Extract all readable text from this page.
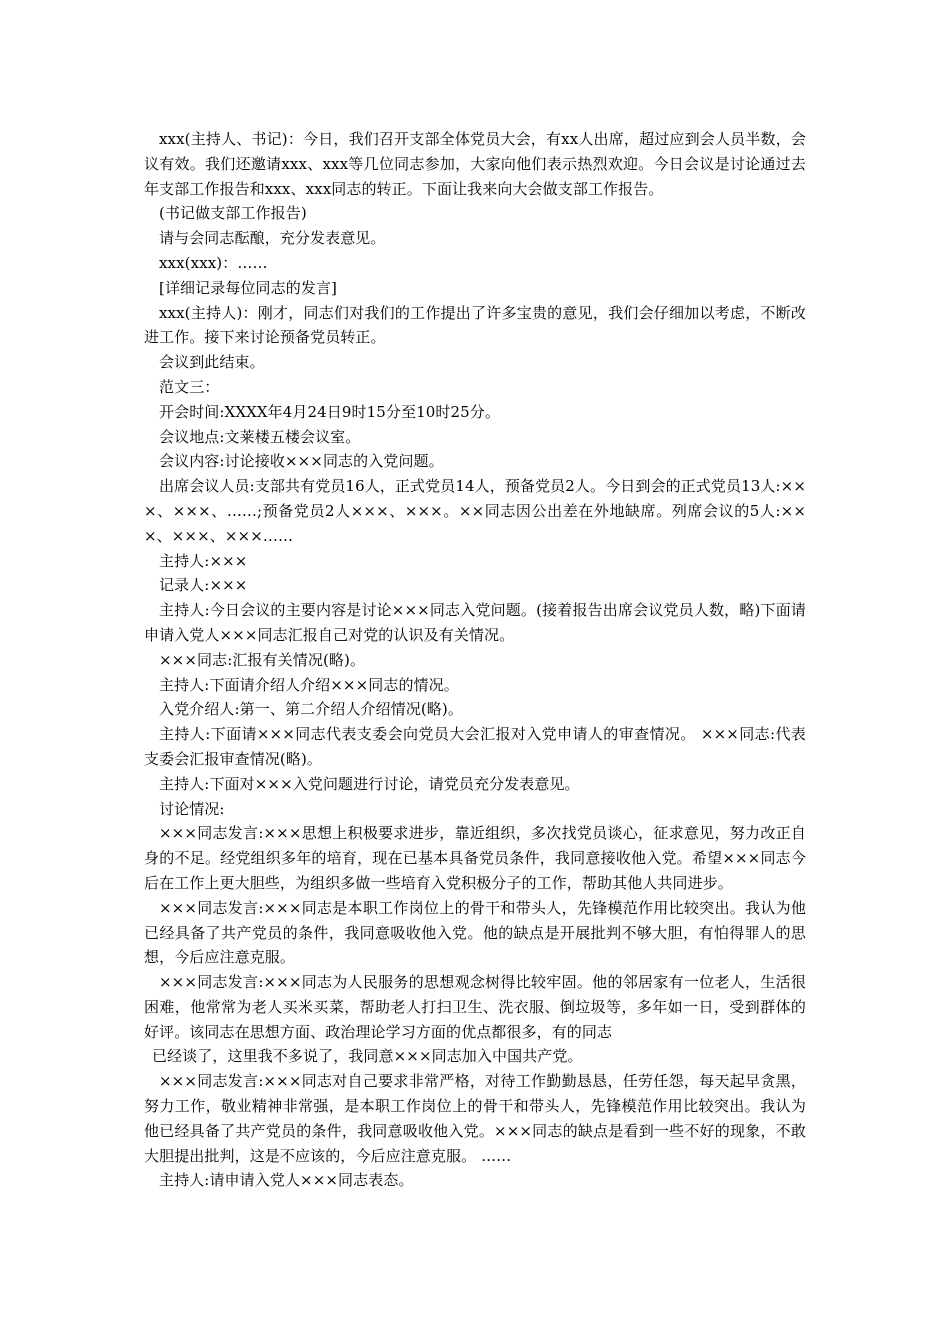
xxx(主持人、书记)：今日，我们召开支部全体党员大会，有xx人出席，超过应到会人员半数，会议有效。我们还邀请xxx、xxx等几位同志参加，大家向他们表示热烈欢迎。今日会议是讨论通过去年支部工作报告和xxx、xxx同志的转正。下面让我来向大会做支部工作报告。

(书记做支部工作报告)

请与会同志酝酿，充分发表意见。

xxx(xxx)：……

[详细记录每位同志的发言]

xxx(主持人)：刚才，同志们对我们的工作提出了许多宝贵的意见，我们会仔细加以考虑，不断改进工作。接下来讨论预备党员转正。

会议到此结束。

范文三：

开会时间:XXXX年4月24日9时15分至10时25分。

会议地点:文莱楼五楼会议室。

会议内容:讨论接收×××同志的入党问题。

出席会议人员:支部共有党员16人，正式党员14人，预备党员2人。今日到会的正式党员13人:×××、×××、……;预备党员2人×××、×××。××同志因公出差在外地缺席。列席会议的5人:×××、×××、×××……

主持人:×××

记录人:×××

主持人:今日会议的主要内容是讨论×××同志入党问题。(接着报告出席会议党员人数，略)下面请申请入党人×××同志汇报自己对党的认识及有关情况。

×××同志:汇报有关情况(略)。

主持人:下面请介绍人介绍×××同志的情况。

入党介绍人:第一、第二介绍人介绍情况(略)。

主持人:下面请×××同志代表支委会向党员大会汇报对入党申请人的审查情况。 ×××同志:代表支委会汇报审查情况(略)。

主持人:下面对×××入党问题进行讨论，请党员充分发表意见。

讨论情况:

×××同志发言:×××思想上积极要求进步，靠近组织，多次找党员谈心，征求意见，努力改正自身的不足。经党组织多年的培育，现在已基本具备党员条件，我同意接收他入党。希望×××同志今后在工作上更大胆些，为组织多做一些培育入党积极分子的工作，帮助其他人共同进步。

×××同志发言:×××同志是本职工作岗位上的骨干和带头人，先锋模范作用比较突出。我认为他已经具备了共产党员的条件，我同意吸收他入党。他的缺点是开展批判不够大胆，有怕得罪人的思想，今后应注意克服。

×××同志发言:×××同志为人民服务的思想观念树得比较牢固。他的邻居家有一位老人，生活很困难，他常常为老人买米买菜，帮助老人打扫卫生、洗衣服、倒垃圾等，多年如一日，受到群体的好评。该同志在思想方面、政治理论学习方面的优点都很多，有的同志

已经谈了，这里我不多说了，我同意×××同志加入中国共产党。

×××同志发言:×××同志对自己要求非常严格，对待工作勤勤恳恳，任劳任怨，每天起早贪黑，努力工作，敬业精神非常强，是本职工作岗位上的骨干和带头人，先锋模范作用比较突出。我认为他已经具备了共产党员的条件，我同意吸收他入党。×××同志的缺点是看到一些不好的现象，不敢大胆提出批判，这是不应该的，今后应注意克服。 ……

主持人:请申请入党人×××同志表态。
